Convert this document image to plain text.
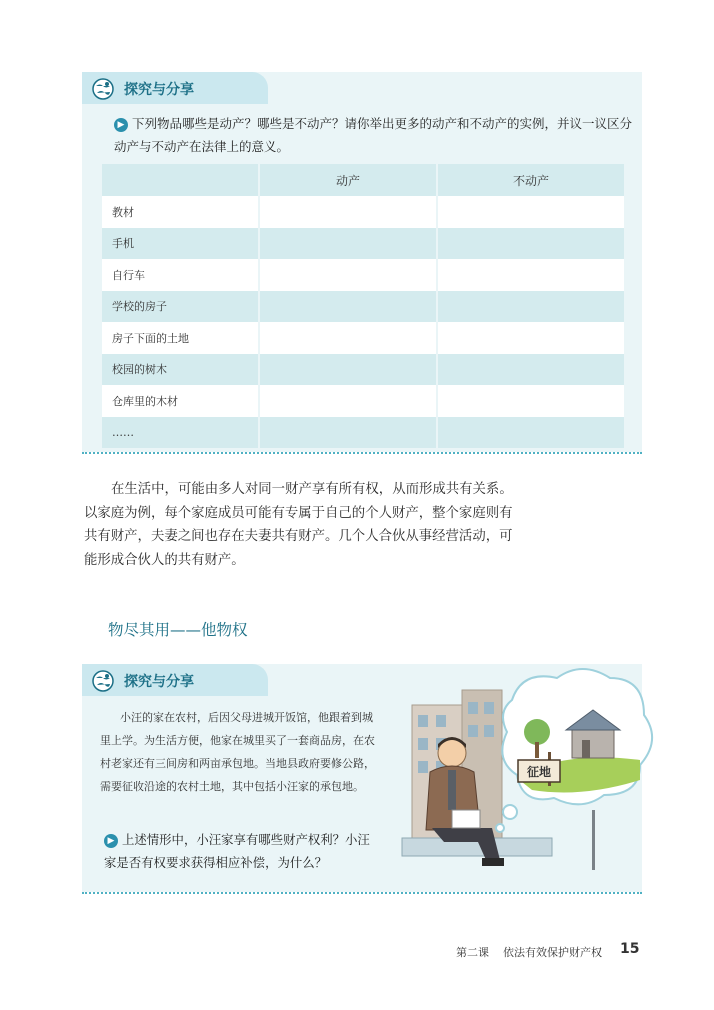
探究与分享
▶ 下列物品哪些是动产？哪些是不动产？请你举出更多的动产和不动产的实例，并议一议区分动产与不动产在法律上的意义。
	动产	不动产
教材		
手机		
自行车		
学校的房子		
房子下面的土地		
校园的树木		
仓库里的木材		
……		
在生活中，可能由多人对同一财产享有所有权，从而形成共有关系。以家庭为例，每个家庭成员可能有专属于自己的个人财产，整个家庭则有共有财产，夫妻之间也存在夫妻共有财产。几个人合伙从事经营活动，可能形成合伙人的共有财产。
物尽其用——他物权
探究与分享
小汪的家在农村，后因父母进城开饭馆，他跟着到城里上学。为生活方便，他家在城里买了一套商品房，在农村老家还有三间房和两亩承包地。当地县政府要修公路，需要征收沿途的农村土地，其中包括小汪家的承包地。
▶ 上述情形中，小汪家享有哪些财产权利？小汪家是否有权要求获得相应补偿，为什么？
征地
第二课 依法有效保护财产权 15
